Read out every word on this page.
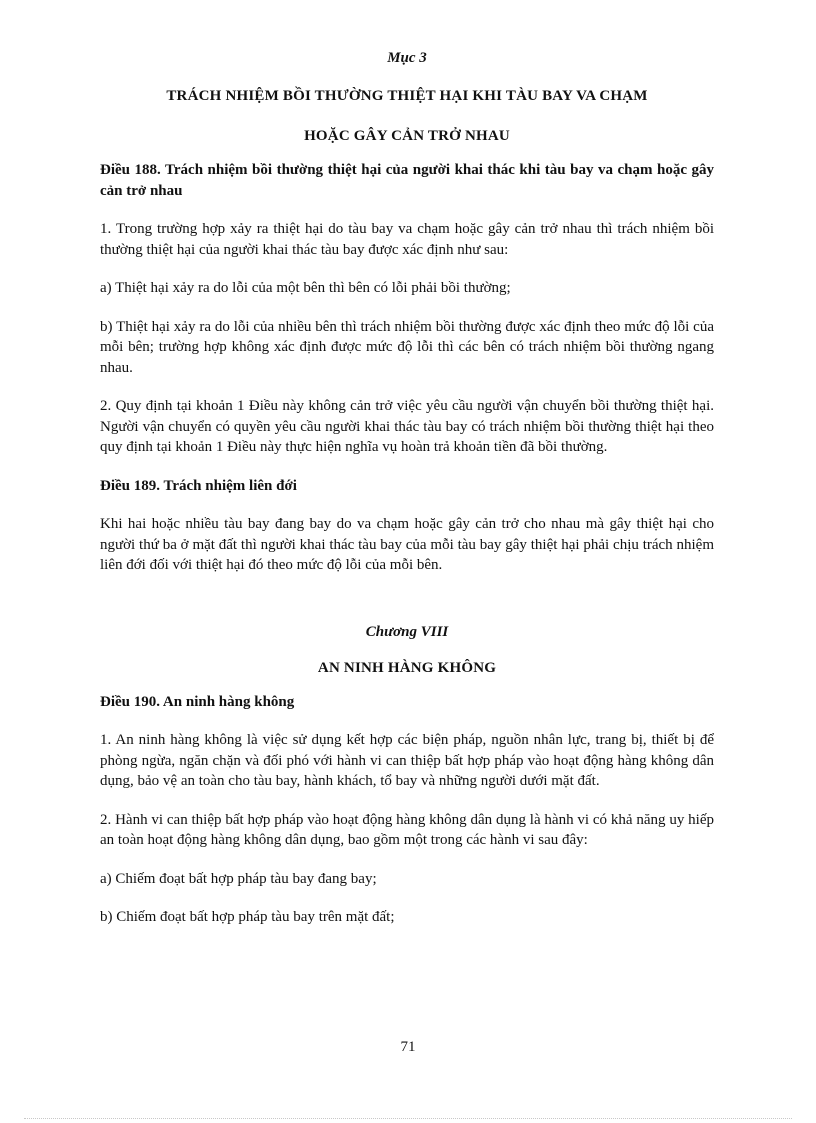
Mục 3
TRÁCH NHIỆM BỒI THƯỜNG THIỆT HẠI KHI TÀU BAY VA CHẠM
HOẶC GÂY CẢN TRỞ NHAU
Điều 188. Trách nhiệm bồi thường thiệt hại của người khai thác khi tàu bay va chạm hoặc gây cản trở nhau

1. Trong trường hợp xảy ra thiệt hại do tàu bay va chạm hoặc gây cản trở nhau thì trách nhiệm bồi thường thiệt hại của người khai thác tàu bay được xác định như sau:

a) Thiệt hại xảy ra do lỗi của một bên thì bên có lỗi phải bồi thường;

b) Thiệt hại xảy ra do lỗi của nhiều bên thì trách nhiệm bồi thường được xác định theo mức độ lỗi của mỗi bên; trường hợp không xác định được mức độ lỗi thì các bên có trách nhiệm bồi thường ngang nhau.

2. Quy định tại khoản 1 Điều này không cản trở việc yêu cầu người vận chuyển bồi thường thiệt hại. Người vận chuyển có quyền yêu cầu người khai thác tàu bay có trách nhiệm bồi thường thiệt hại theo quy định tại khoản 1 Điều này thực hiện nghĩa vụ hoàn trả khoản tiền đã bồi thường.

Điều 189. Trách nhiệm liên đới

Khi hai hoặc nhiều tàu bay đang bay do va chạm hoặc gây cản trở cho nhau mà gây thiệt hại cho người thứ ba ở mặt đất thì người khai thác tàu bay của mỗi tàu bay gây thiệt hại phải chịu trách nhiệm liên đới đối với thiệt hại đó theo mức độ lỗi của mỗi bên.

Chương VIII
AN NINH HÀNG KHÔNG
Điều 190. An ninh hàng không

1. An ninh hàng không là việc sử dụng kết hợp các biện pháp, nguồn nhân lực, trang bị, thiết bị để phòng ngừa, ngăn chặn và đối phó với hành vi can thiệp bất hợp pháp vào hoạt động hàng không dân dụng, bảo vệ an toàn cho tàu bay, hành khách, tổ bay và những người dưới mặt đất.

2. Hành vi can thiệp bất hợp pháp vào hoạt động hàng không dân dụng là hành vi có khả năng uy hiếp an toàn hoạt động hàng không dân dụng, bao gồm một trong các hành vi sau đây:

a) Chiếm đoạt bất hợp pháp tàu bay đang bay;

b) Chiếm đoạt bất hợp pháp tàu bay trên mặt đất;

71
